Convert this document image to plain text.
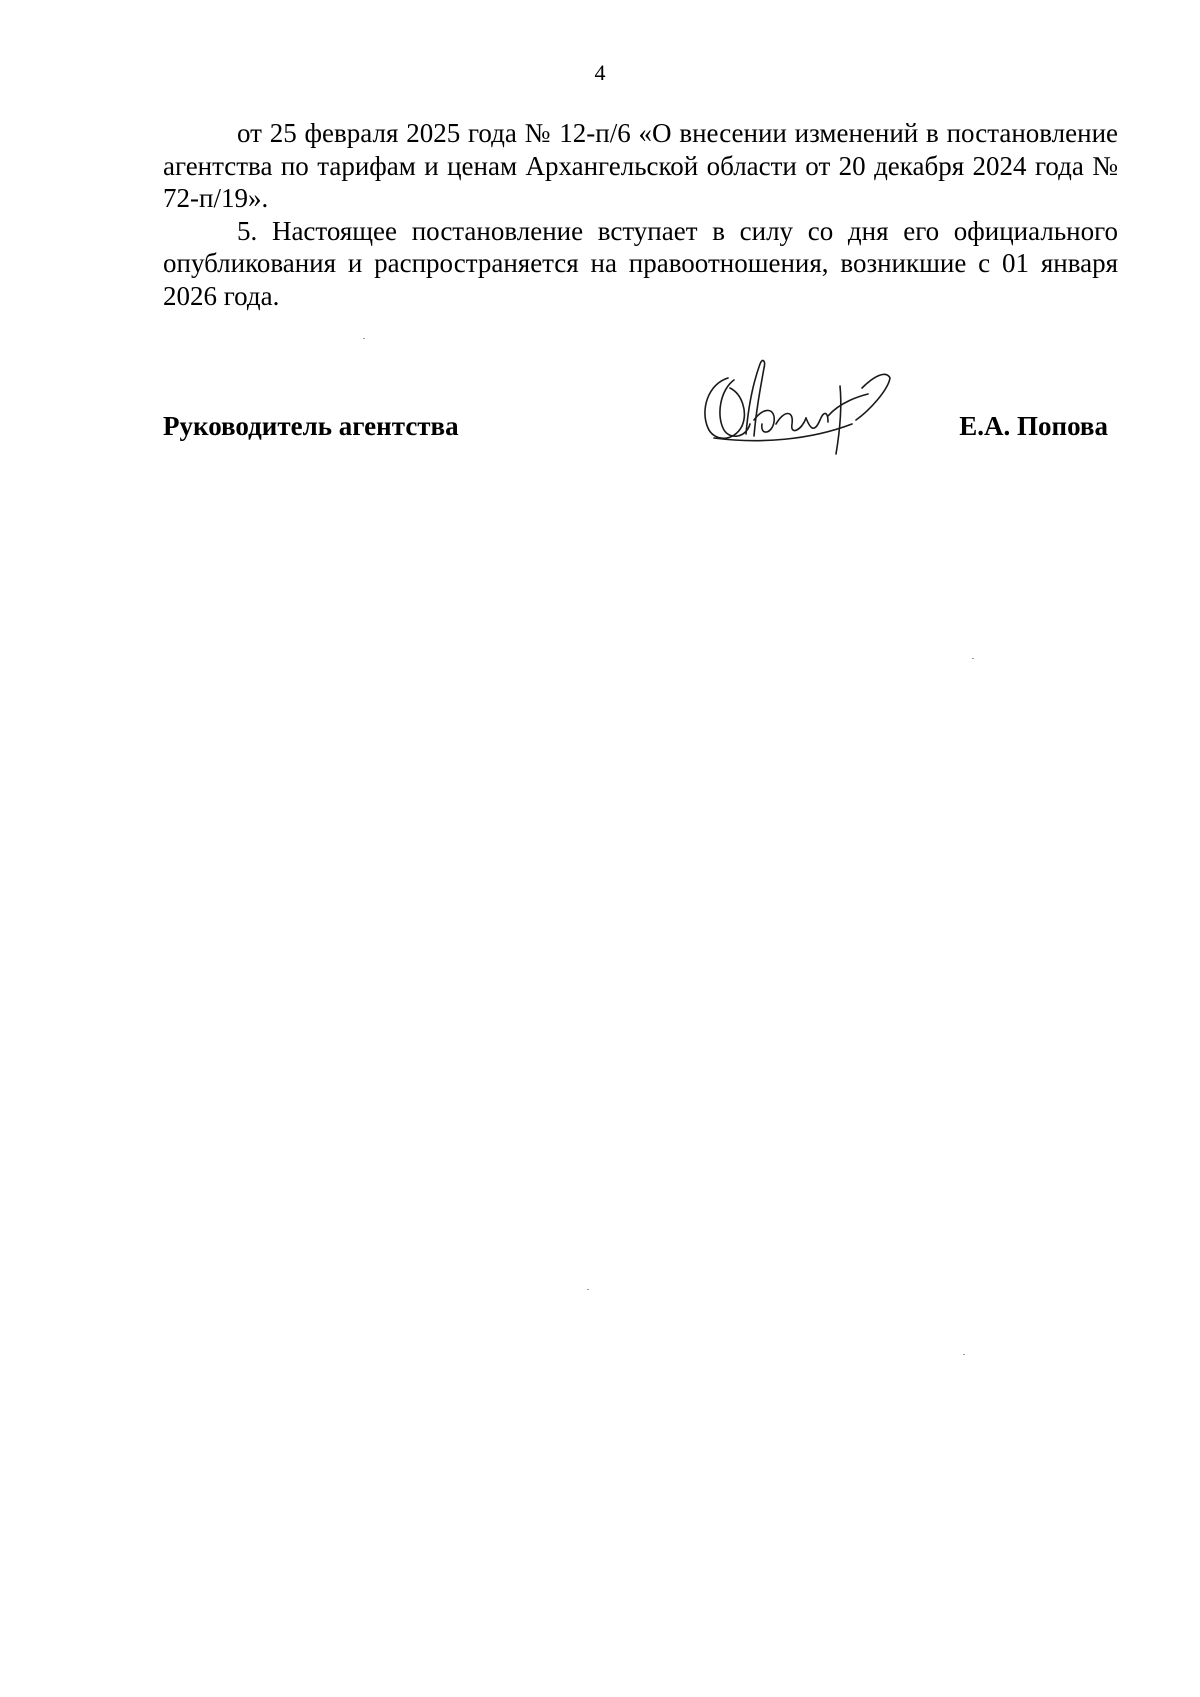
4

от 25 февраля 2025 года № 12-п/6 «О внесении изменений в постановление агентства по тарифам и ценам Архангельской области от 20 декабря 2024 года № 72-п/19».

5. Настоящее постановление вступает в силу со дня его официального опубликования и распространяется на правоотношения, возникшие с 01 января 2026 года.

Руководитель агентства	Е.А. Попова
